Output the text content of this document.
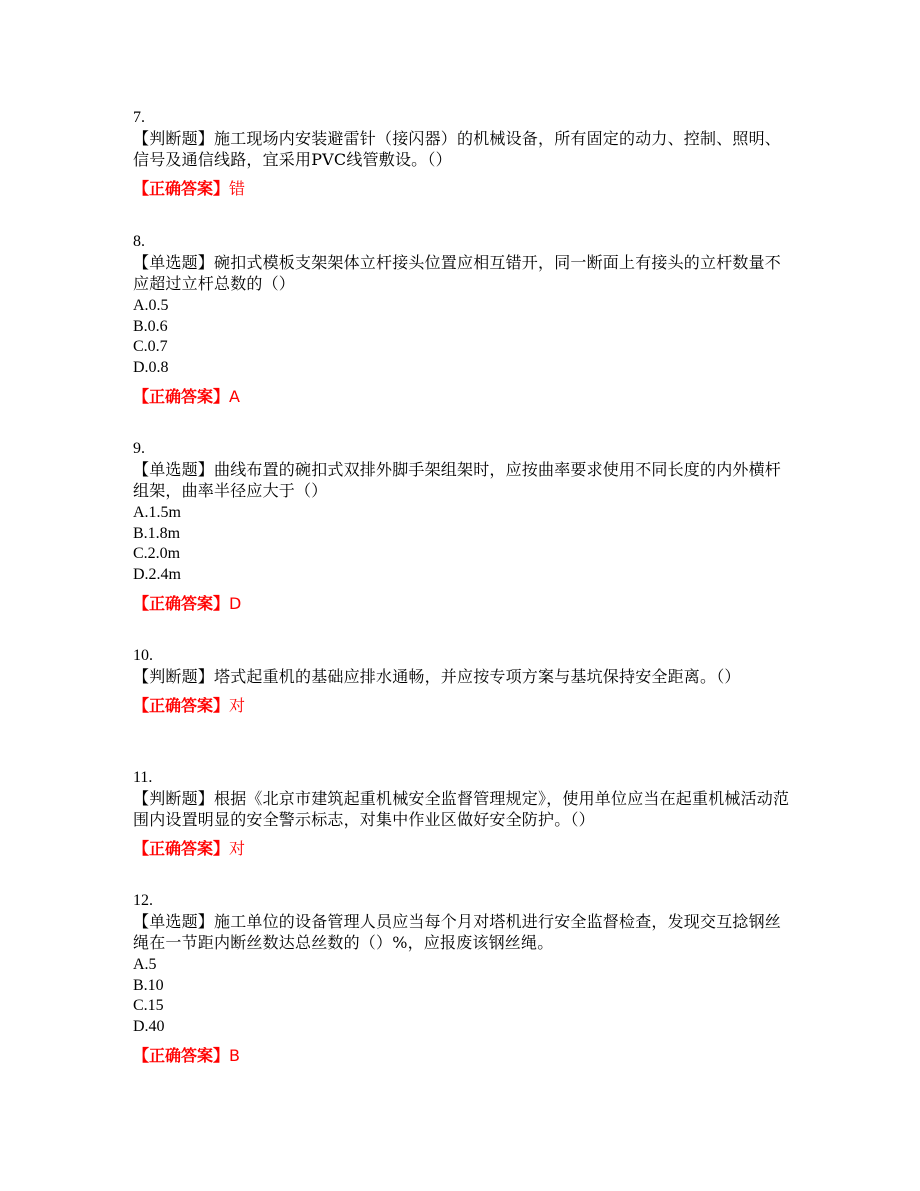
7.
【判断题】施工现场内安装避雷针（接闪器）的机械设备，所有固定的动力、控制、照明、信号及通信线路，宜采用PVC线管敷设。（）
【正确答案】错
8.
【单选题】碗扣式模板支架架体立杆接头位置应相互错开，同一断面上有接头的立杆数量不应超过立杆总数的（）
A.0.5
B.0.6
C.0.7
D.0.8
【正确答案】A
9.
【单选题】曲线布置的碗扣式双排外脚手架组架时，应按曲率要求使用不同长度的内外横杆组架，曲率半径应大于（）
A.1.5m
B.1.8m
C.2.0m
D.2.4m
【正确答案】D
10.
【判断题】塔式起重机的基础应排水通畅，并应按专项方案与基坑保持安全距离。（）
【正确答案】对
11.
【判断题】根据《北京市建筑起重机械安全监督管理规定》，使用单位应当在起重机械活动范围内设置明显的安全警示标志，对集中作业区做好安全防护。（）
【正确答案】对
12.
【单选题】施工单位的设备管理人员应当每个月对塔机进行安全监督检查，发现交互捻钢丝绳在一节距内断丝数达总丝数的（）%，应报废该钢丝绳。
A.5
B.10
C.15
D.40
【正确答案】B
